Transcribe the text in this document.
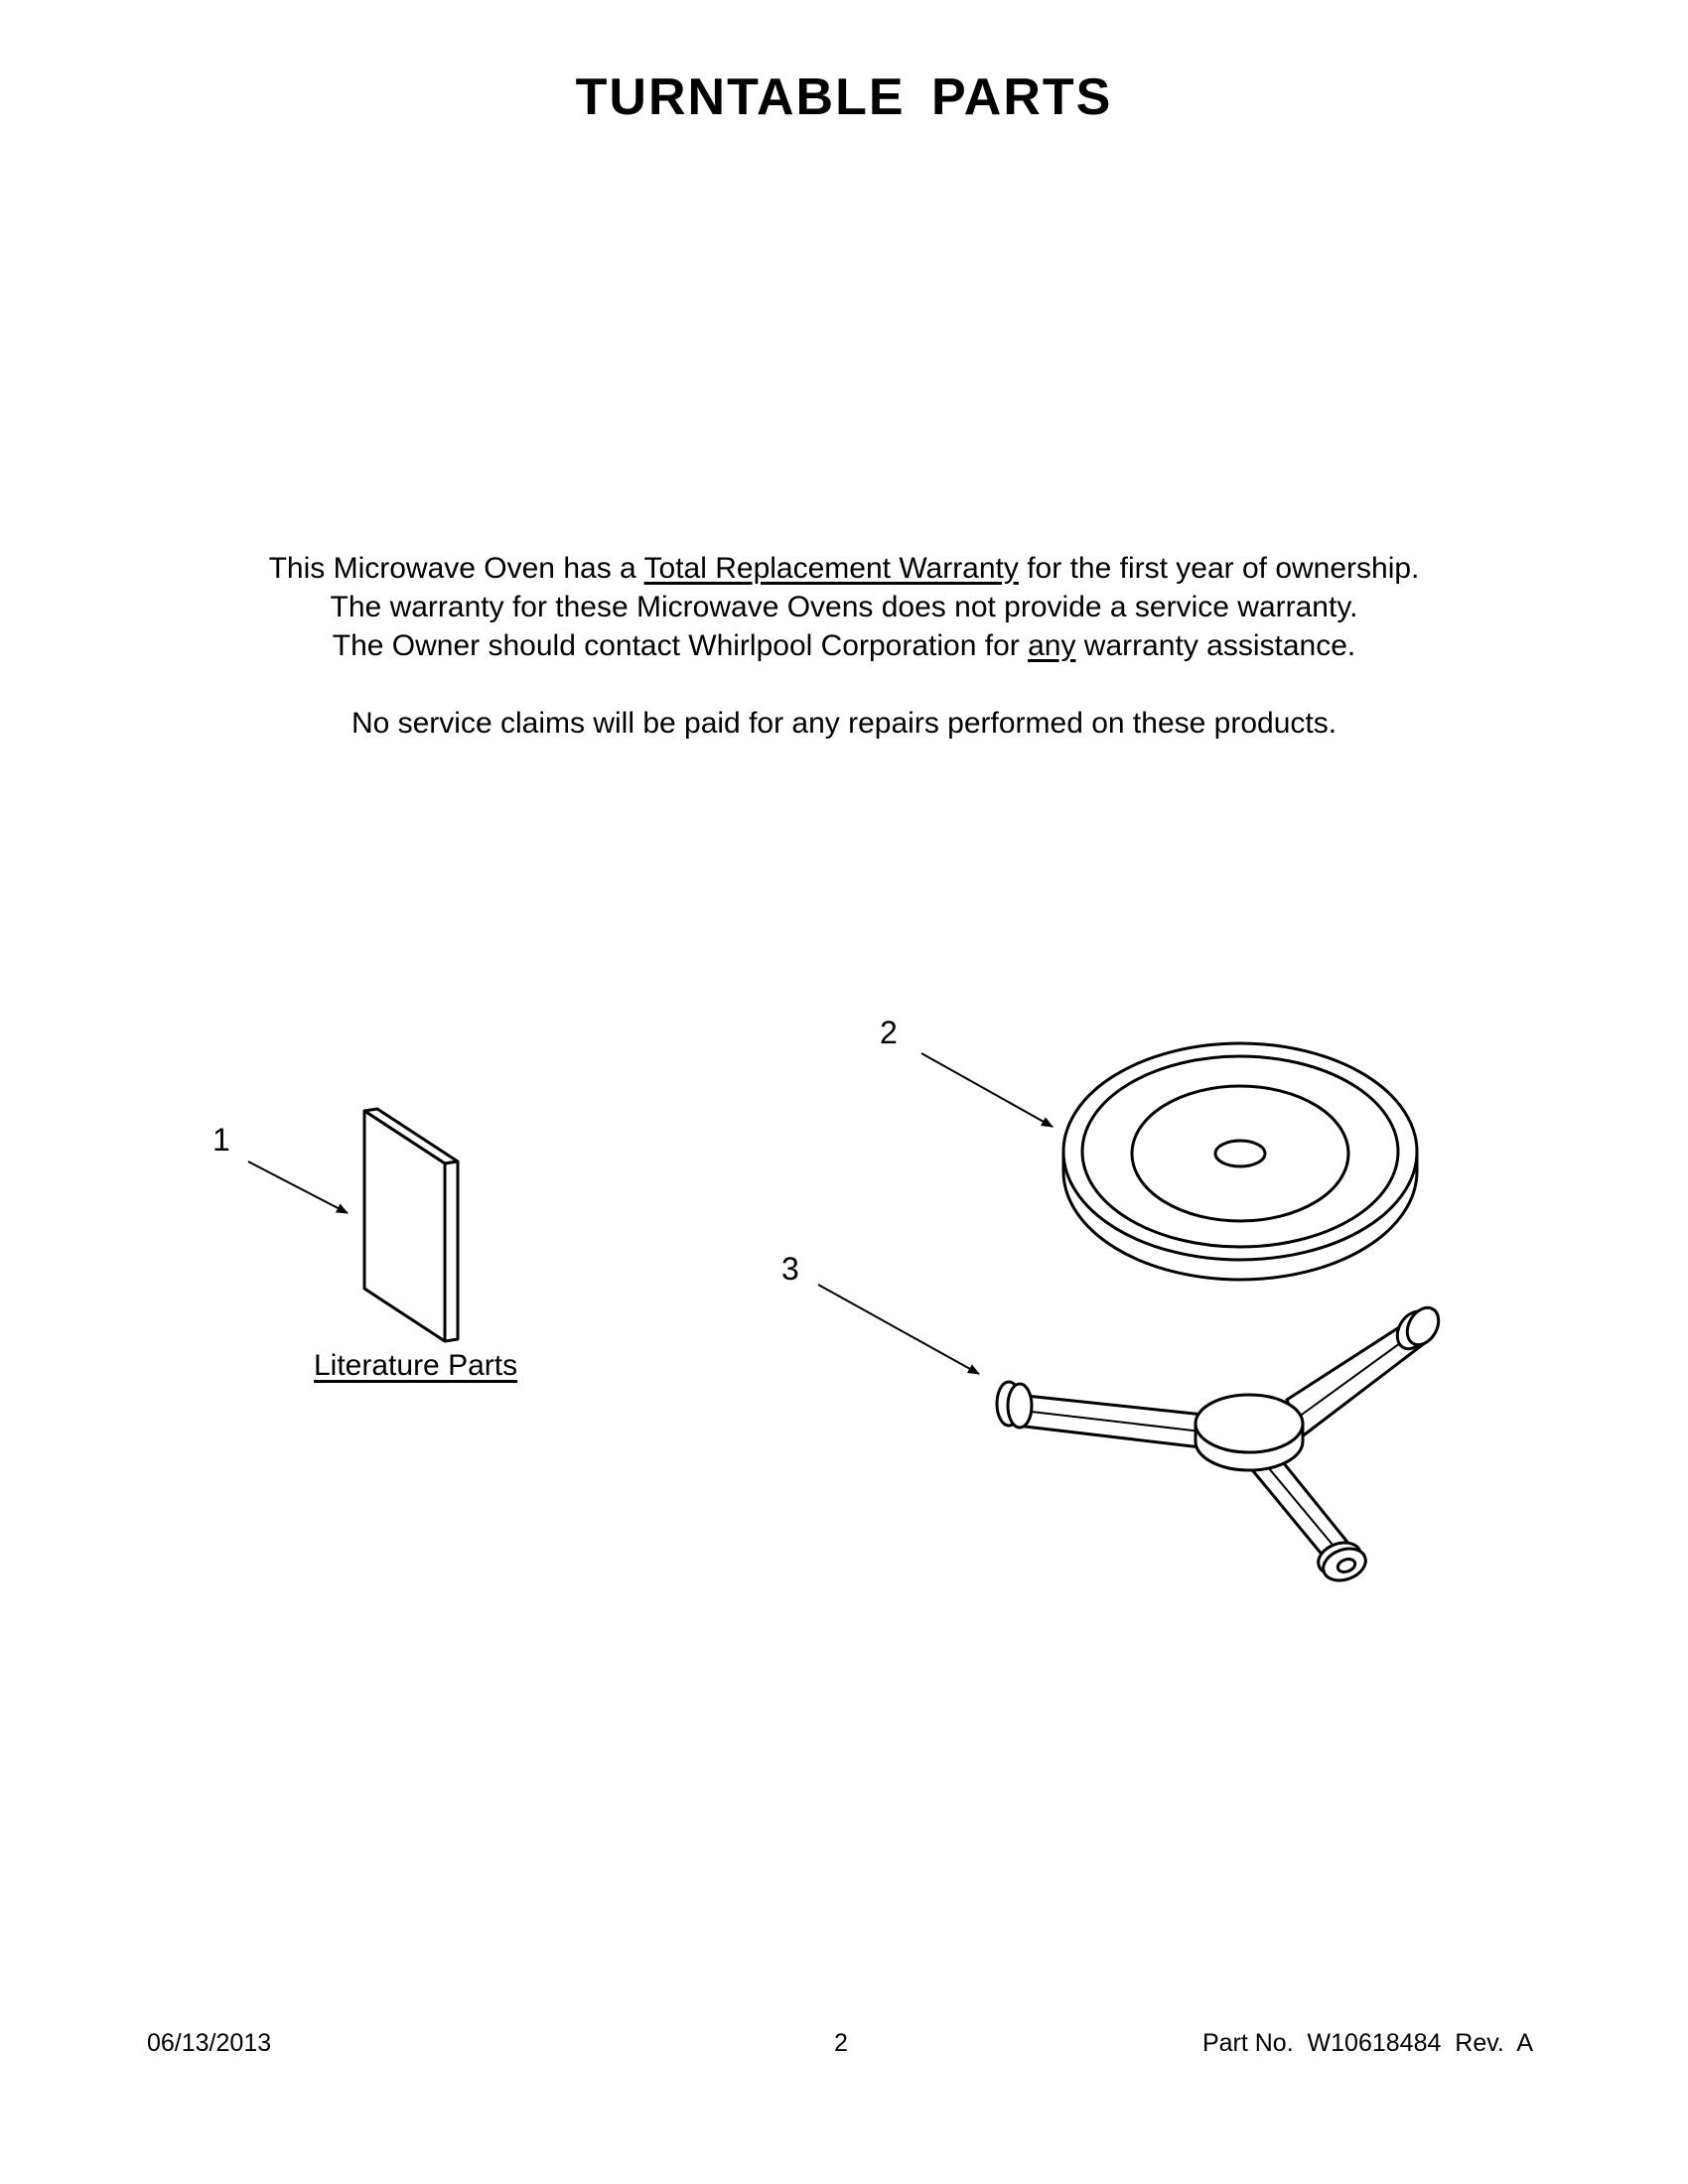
TURNTABLE PARTS
This Microwave Oven has a Total Replacement Warranty for the first year of ownership.
The warranty for these Microwave Ovens does not provide a service warranty.
The Owner should contact Whirlpool Corporation for any warranty assistance.
No service claims will be paid for any repairs performed on these products.
1
2
3
Literature Parts
06/13/2013	2	Part No.  W10618484  Rev.  A
